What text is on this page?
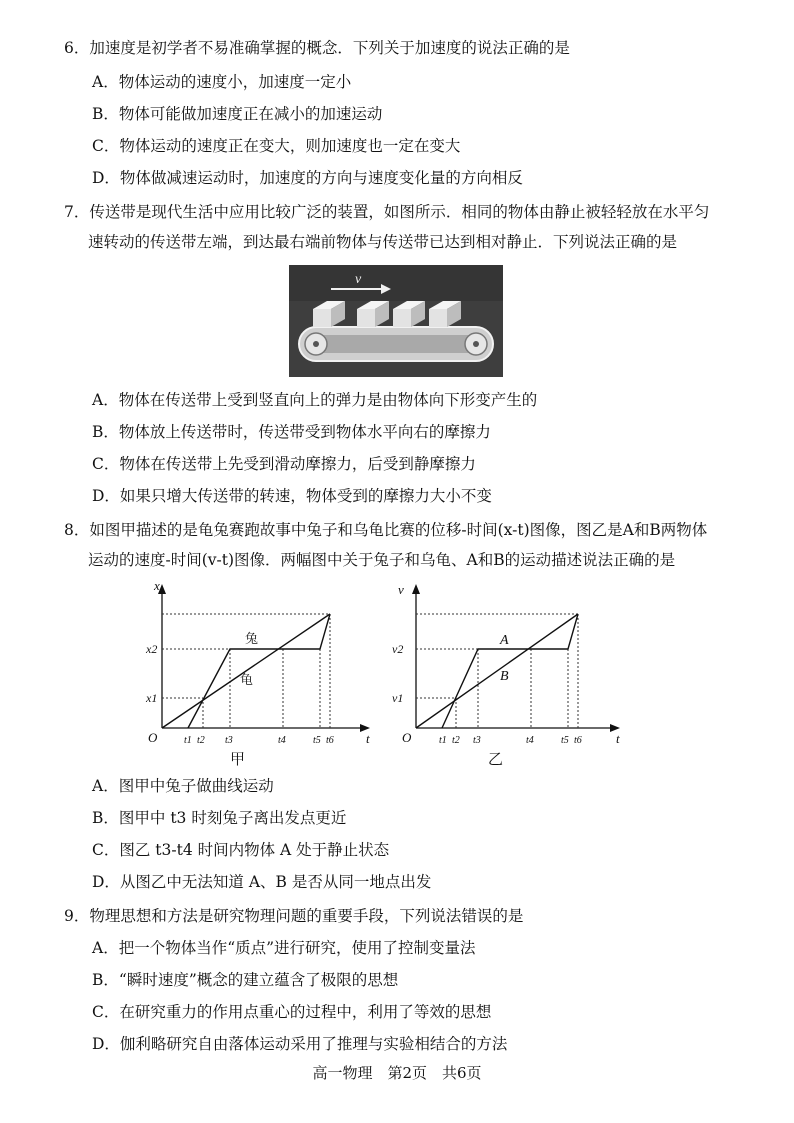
6．加速度是初学者不易准确掌握的概念．下列关于加速度的说法正确的是
A．物体运动的速度小，加速度一定小
B．物体可能做加速度正在减小的加速运动
C．物体运动的速度正在变大，则加速度也一定在变大
D．物体做减速运动时，加速度的方向与速度变化量的方向相反
7．传送带是现代生活中应用比较广泛的装置，如图所示．相同的物体由静止被轻轻放在水平匀
速转动的传送带左端，到达最右端前物体与传送带已达到相对静止．下列说法正确的是
v
A．物体在传送带上受到竖直向上的弹力是由物体向下形变产生的
B．物体放上传送带时，传送带受到物体水平向右的摩擦力
C．物体在传送带上先受到滑动摩擦力，后受到静摩擦力
D．如果只增大传送带的转速，物体受到的摩擦力大小不变
8．如图甲描述的是龟兔赛跑故事中兔子和乌龟比赛的位移-时间(x-t)图像，图乙是A和B两物体
运动的速度-时间(v-t)图像．两幅图中关于兔子和乌龟、A和B的运动描述说法正确的是
x
t
O
x2
x1
t1 t2 t3	t4	t5 t6
兔
龟
甲
v
t
O
v2
v1
t1 t2 t3	t4	t5 t6
A
B
乙
A．图甲中兔子做曲线运动
B．图甲中 t3 时刻兔子离出发点更近
C．图乙 t3-t4 时间内物体 A 处于静止状态
D．从图乙中无法知道 A、B 是否从同一地点出发
9．物理思想和方法是研究物理问题的重要手段，下列说法错误的是
A．把一个物体当作“质点”进行研究，使用了控制变量法
B．“瞬时速度”概念的建立蕴含了极限的思想
C．在研究重力的作用点重心的过程中，利用了等效的思想
D．伽利略研究自由落体运动采用了推理与实验相结合的方法
高一物理　第2页　共6页
